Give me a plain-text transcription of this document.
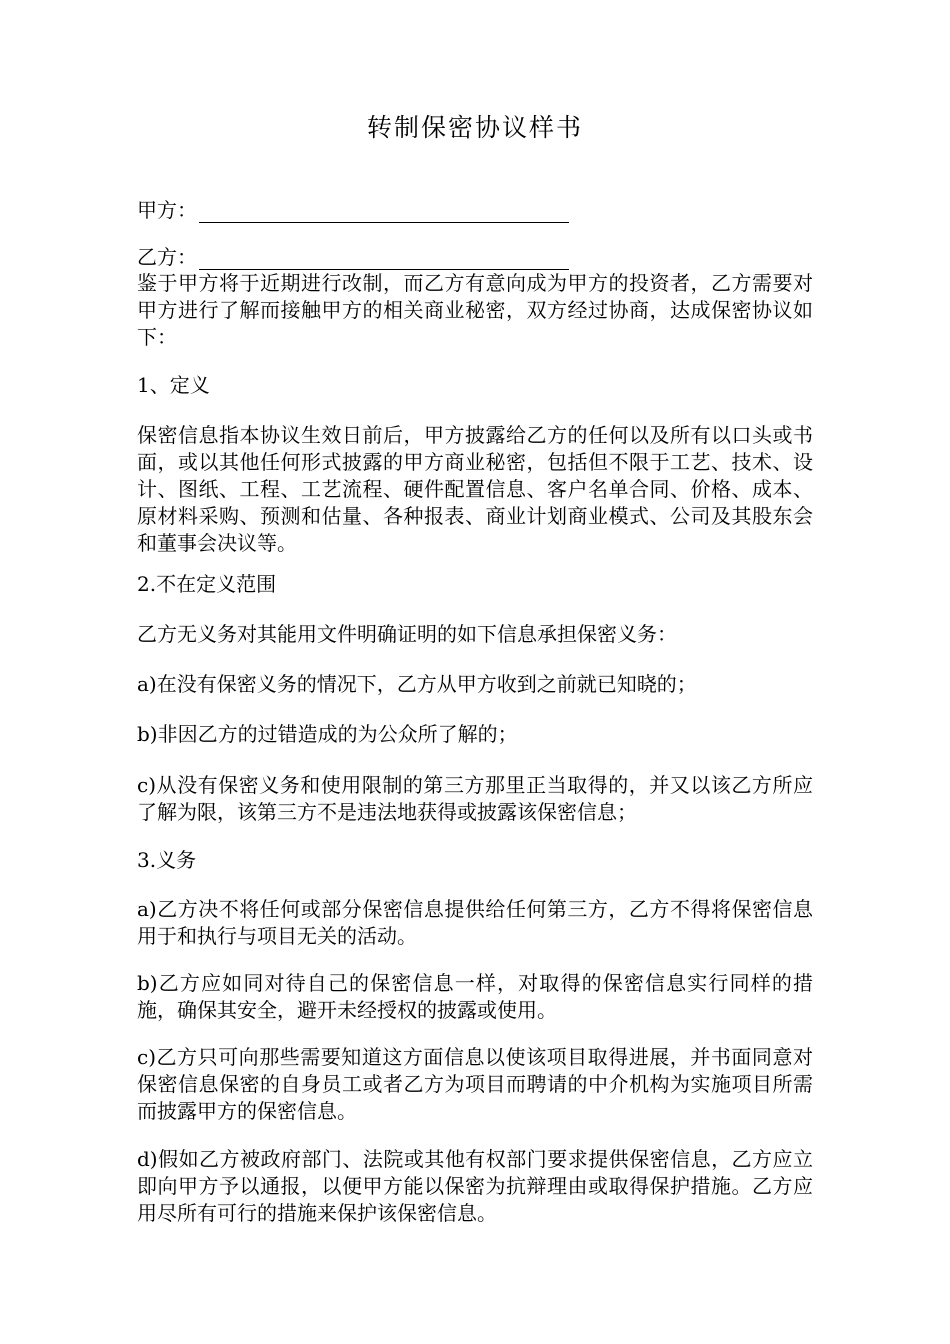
转制保密协议样书
甲方：
乙方：

鉴于甲方将于近期进行改制，而乙方有意向成为甲方的投资者，乙方需要对甲方进行了解而接触甲方的相关商业秘密，双方经过协商，达成保密协议如下：

1、定义

保密信息指本协议生效日前后，甲方披露给乙方的任何以及所有以口头或书面，或以其他任何形式披露的甲方商业秘密，包括但不限于工艺、技术、设计、图纸、工程、工艺流程、硬件配置信息、客户名单合同、价格、成本、原材料采购、预测和估量、各种报表、商业计划商业模式、公司及其股东会和董事会决议等。

2.不在定义范围

乙方无义务对其能用文件明确证明的如下信息承担保密义务：

a)在没有保密义务的情况下，乙方从甲方收到之前就已知晓的；

b)非因乙方的过错造成的为公众所了解的；

c)从没有保密义务和使用限制的第三方那里正当取得的，并又以该乙方所应了解为限，该第三方不是违法地获得或披露该保密信息；

3.义务

a)乙方决不将任何或部分保密信息提供给任何第三方，乙方不得将保密信息用于和执行与项目无关的活动。

b)乙方应如同对待自己的保密信息一样，对取得的保密信息实行同样的措施，确保其安全，避开未经授权的披露或使用。

c)乙方只可向那些需要知道这方面信息以使该项目取得进展，并书面同意对保密信息保密的自身员工或者乙方为项目而聘请的中介机构为实施项目所需而披露甲方的保密信息。

d)假如乙方被政府部门、法院或其他有权部门要求提供保密信息，乙方应立即向甲方予以通报，以便甲方能以保密为抗辩理由或取得保护措施。乙方应用尽所有可行的措施来保护该保密信息。
